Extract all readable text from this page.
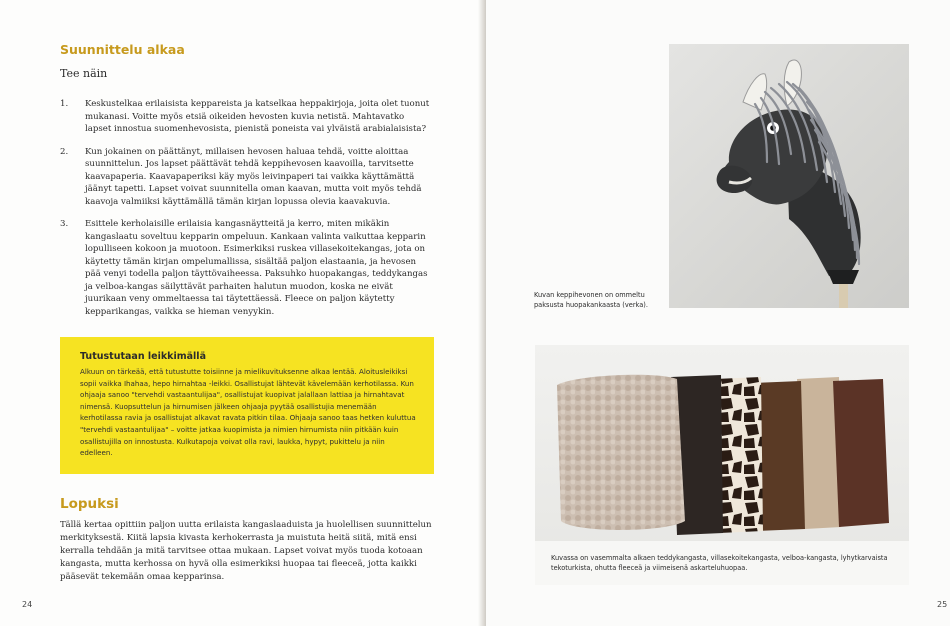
Suunnittelu alkaa

Tee näin

1.	Keskustelkaa erilaisista keppareista ja katselkaa heppakirjoja, joita olet tuonut mukanasi. Voitte myös etsiä oikeiden hevosten kuvia netistä. Mahtavatko lapset innostua suomenhevosista, pienistä poneista vai ylväistä arabialaisista?

2.	Kun jokainen on päättänyt, millaisen hevosen haluaa tehdä, voitte aloittaa suunnittelun. Jos lapset päättävät tehdä keppihevosen kaavoilla, tarvitsette kaavapaperia. Kaavapaperiksi käy myös leivinpaperi tai vaikka käyttämättä jäänyt tapetti. Lapset voivat suunnitella oman kaavan, mutta voit myös tehdä kaavoja valmiiksi käyttämällä tämän kirjan lopussa olevia kaavakuvia.

3.	Esittele kerholaisille erilaisia kangasnäytteitä ja kerro, miten mikäkin kangaslaatu soveltuu kepparin ompeluun. Kankaan valinta vaikuttaa kepparin lopulliseen kokoon ja muotoon. Esimerkiksi ruskea villasekoitekangas, jota on käytetty tämän kirjan ompelumallissa, sisältää paljon elastaania, ja hevosen pää venyi todella paljon täyttövaiheessa. Paksuhko huopakangas, teddykangas ja velboa-kangas säilyttävät parhaiten halutun muodon, koska ne eivät juurikaan veny ommeltaessa tai täytettäessä. Fleece on paljon käytetty kepparikangas, vaikka se hieman venyykin.

Tutustutaan leikkimällä

Alkuun on tärkeää, että tutustutte toisiinne ja mielikuvituksenne alkaa lentää. Aloitusleikiksi sopii vaikka Ihahaa, hepo hirnahtaa -leikki. Osallistujat lähtevät kävelemään kerhotilassa. Kun ohjaaja sanoo "tervehdi vastaantulijaa", osallistujat kuopivat jalallaan lattiaa ja hirnahtavat nimensä. Kuopsuttelun ja hirnumisen jälkeen ohjaaja pyytää osallistujia menemään kerhotilassa ravia ja osallistujat alkavat ravata pitkin tilaa. Ohjaaja sanoo taas hetken kuluttua "tervehdi vastaantulijaa" – voitte jatkaa kuopimista ja nimien hirnumista niin pitkään kuin osallistujilla on innostusta. Kulkutapoja voivat olla ravi, laukka, hypyt, pukittelu ja niin edelleen.

Lopuksi

Tällä kertaa opittiin paljon uutta erilaista kangaslaaduista ja huolellisen suunnittelun merkityksestä. Kiitä lapsia kivasta kerhokerrasta ja muistuta heitä siitä, mitä ensi kerralla tehdään ja mitä tarvitsee ottaa mukaan. Lapset voivat myös tuoda kotoaan kangasta, mutta kerhossa on hyvä olla esimerkiksi huopaa tai fleeceä, jotta kaikki pääsevät tekemään omaa kepparinsa.

24	25

Kuvan keppihevonen on ommeltu paksusta huopakankaasta (verka).

Kuvassa on vasemmalta alkaen teddykangasta, villasekoitekangasta, velboa-kangasta, lyhytkarvaista tekoturkista, ohutta fleeceä ja viimeisenä askarteluhuopaa.
